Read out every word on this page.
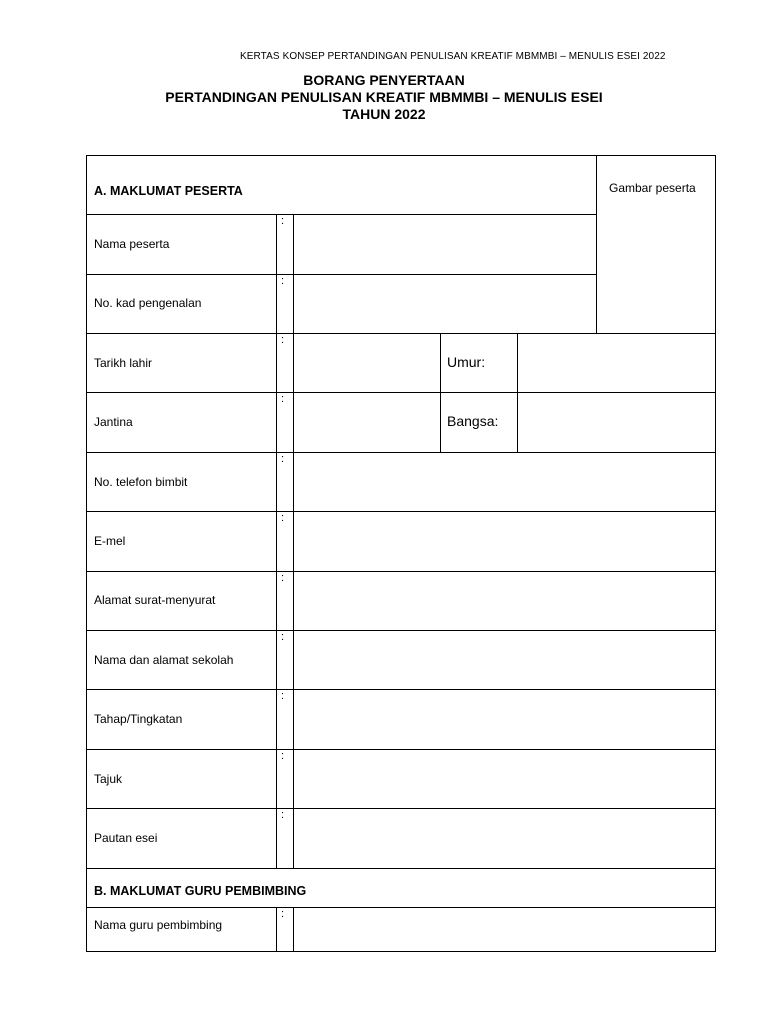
KERTAS KONSEP PERTANDINGAN PENULISAN KREATIF MBMMBI – MENULIS ESEI 2022
BORANG PENYERTAAN
PERTANDINGAN PENULISAN KREATIF MBMMBI – MENULIS ESEI
TAHUN 2022
A. MAKLUMAT PESERTA	Gambar peserta
Nama peserta
:
No. kad pengenalan
:
Tarikh lahir
:
Umur:
Jantina
:
Bangsa:
No. telefon bimbit
:
E-mel
:
Alamat surat-menyurat
:
Nama dan alamat sekolah
:
Tahap/Tingkatan
:
Tajuk
:
Pautan esei
:
B. MAKLUMAT GURU PEMBIMBING
Nama guru pembimbing
:
